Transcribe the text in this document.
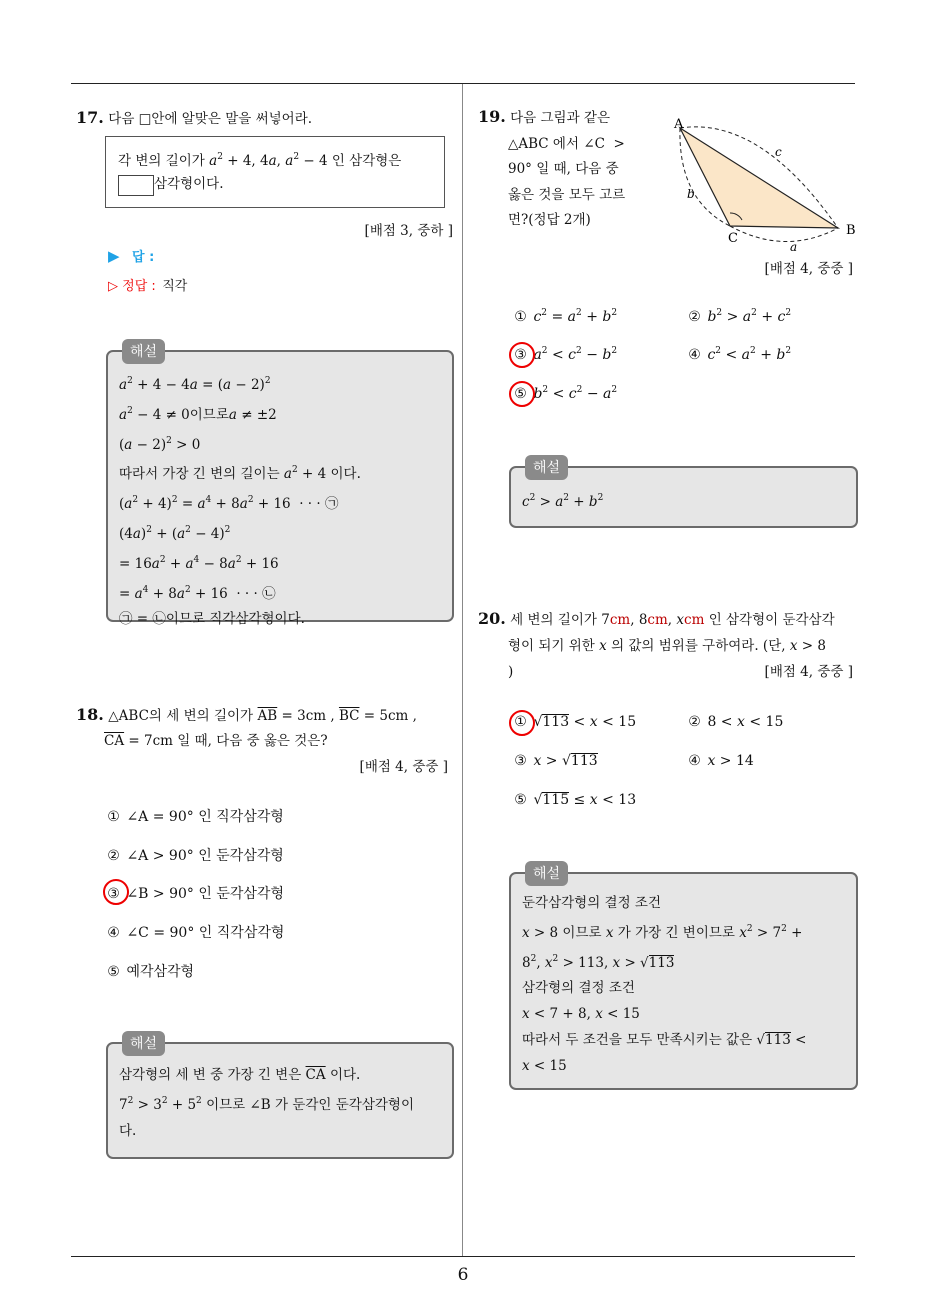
6
17. 다음 □안에 알맞은 말을 써넣어라.
각 변의 길이가 $a^2 + 4$, 4a, $a^2 - 4$ 인 삼각형은
삼각형이다.
[배점 3, 중하 ]
▶ 답 :
▷ 정답 : 직각
해설
$a^2 + 4 - 4a = (a - 2)^2$
$a^2 - 4 \ne 0$이므로a ≠ ±2
$(a - 2)^2 > 0$
따라서 가장 긴 변의 길이는 $a^2 + 4$ 이다.
$(a^2 + 4)^2 = a^4 + 8a^2 + 16$  · · · ㉠
$(4a)^2 + (a^2 - 4)^2$
= $16a^2 + a^4 - 8a^2 + 16$
= $a^4 + 8a^2 + 16$  · · · ㉡
㉠ = ㉡이므로 직각삼각형이다.
18. △ABC의 세 변의 길이가 $\overline{AB} = 3cm$ , $\overline{BC} = 5cm$ ,
$\overline{CA} = 7cm$ 일 때, 다음 중 옳은 것은?
[배점 4, 중중 ]
① ∠A = 90° 인 직각삼각형
② ∠A > 90° 인 둔각삼각형
③ ∠B > 90° 인 둔각삼각형
④ ∠C = 90° 인 직각삼각형
⑤ 예각삼각형
해설
삼각형의 세 변 중 가장 긴 변은 $\overline{CA}$ 이다.
$7^2 > 3^2 + 5^2$ 이므로 ∠B 가 둔각인 둔각삼각형이
다.
19. 다음 그림과 같은
△ABC 에서 ∠C  >
90° 일 때, 다음 중
옳은 것을 모두 고르
면?(정답 2개)
A
B
C
c
b
a
[배점 4, 중중 ]
① $c^2 = a^2 + b^2$	② $b^2 > a^2 + c^2$
③ $a^2 < c^2 - b^2$	④ $c^2 < a^2 + b^2$
⑤ $b^2 < c^2 - a^2$
해설
$c^2 > a^2 + b^2$
20. 세 변의 길이가 7cm, 8cm, xcm 인 삼각형이 둔각삼각
형이 되기 위한 x 의 값의 범위를 구하여라. (단, x > 8
)	[배점 4, 중중 ]
① √113 < x < 15	② 8 < x < 15
③ x > √113	④ x > 14
⑤ √115 ≤ x < 13
해설
둔각삼각형의 결정 조건
x > 8 이므로 x 가 가장 긴 변이므로 $x^2 > 7^2$ +
$8^2$, $x^2 > 113$, x > √113
삼각형의 결정 조건
x < 7 + 8, x < 15
따라서 두 조건을 모두 만족시키는 값은 √113 <
x < 15
